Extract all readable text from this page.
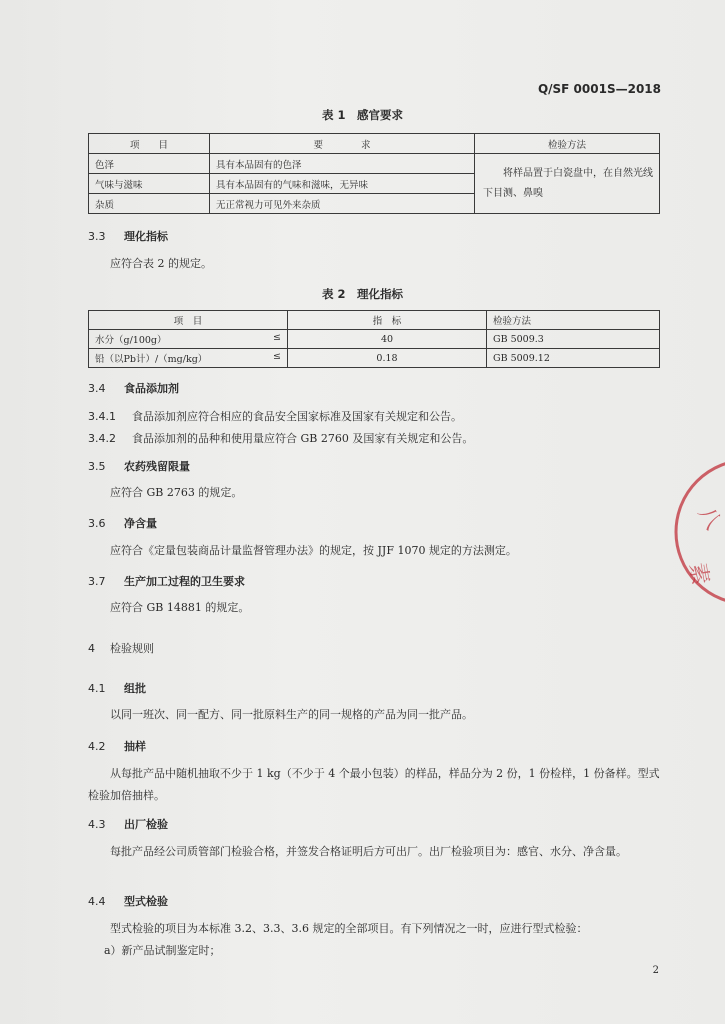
Q/SF 0001S—2018
表 1　感官要求
项　　目	要　　　　求	检验方法
色泽	具有本品固有的色泽	将样品置于白瓷盘中，在自然光线下目测、鼻嗅
气味与滋味	具有本品固有的气味和滋味，无异味	
杂质	无正常视力可见外来杂质	
3.3 理化指标
应符合表 2 的规定。
表 2　理化指标
项　目	指　标	检验方法
水分（g/100g） ≤	40	GB 5009.3
铅（以Pb计）/（mg/kg） ≤	0.18	GB 5009.12
3.4 食品添加剂
3.4.1 食品添加剂应符合相应的食品安全国家标准及国家有关规定和公告。
3.4.2 食品添加剂的品种和使用量应符合 GB 2760 及国家有关规定和公告。
3.5 农药残留限量
应符合 GB 2763 的规定。
3.6 净含量
应符合《定量包装商品计量监督管理办法》的规定，按 JJF 1070 规定的方法测定。
3.7 生产加工过程的卫生要求
应符合 GB 14881 的规定。
4 检验规则
4.1 组批
以同一班次、同一配方、同一批原料生产的同一规格的产品为同一批产品。
4.2 抽样
从每批产品中随机抽取不少于 1 kg（不少于 4 个最小包装）的样品，样品分为 2 份，1 份检样，1 份备样。型式检验加倍抽样。
4.3 出厂检验
每批产品经公司质管部门检验合格，并签发合格证明后方可出厂。出厂检验项目为：感官、水分、净含量。
4.4 型式检验
型式检验的项目为本标准 3.2、3.3、3.6 规定的全部项目。有下列情况之一时，应进行型式检验：
a）新产品试制鉴定时；
2
八
素
